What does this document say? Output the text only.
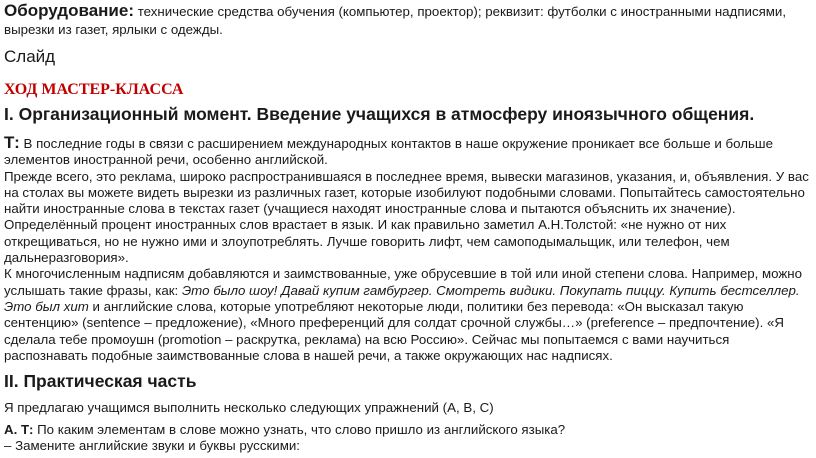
Оборудование: технические средства обучения (компьютер, проектор); реквизит: футболки с иностранными надписями, вырезки из газет, ярлыки с одежды.

Слайд

ХОД МАСТЕР-КЛАССА

I. Организационный момент. Введение учащихся в атмосферу иноязычного общения.

Т: В последние годы в связи с расширением международных контактов в наше окружение проникает все больше и больше элементов иностранной речи, особенно английской.

Прежде всего, это реклама, широко распространившаяся в последнее время, вывески магазинов, указания, и, объявления. У вас на столах вы можете видеть вырезки из различных газет, которые изобилуют подобными словами. Попытайтесь самостоятельно найти иностранные слова в текстах газет (учащиеся находят иностранные слова и пытаются объяснить их значение).

Определённый процент иностранных слов врастает в язык. И как правильно заметил А.Н.Толстой: «не нужно от них открещиваться, но не нужно ими и злоупотреблять. Лучше говорить лифт, чем самоподымальщик, или телефон, чем дальнеразговория».

К многочисленным надписям добавляются и заимствованные, уже обрусевшие в той или иной степени слова. Например, можно услышать такие фразы, как: Это было шоу! Давай купим гамбургер. Смотреть видики. Покупать пиццу. Купить бестселлер. Это был хит и английские слова, которые употребляют некоторые люди, политики без перевода: «Он высказал такую сентенцию» (sentence – предложение), «Много преференций для солдат срочной службы…» (preference – предпочтение). «Я сделала тебе промоушн (promotion – раскрутка, реклама) на всю Россию». Сейчас мы попытаемся с вами научиться распознавать подобные заимствованные слова в нашей речи, а также окружающих нас надписях.

II. Практическая часть

Я предлагаю учащимся выполнить несколько следующих упражнений (А, В, С)

А. Т: По каким элементам в слове можно узнать, что слово пришло из английского языка?

– Замените английские звуки и буквы русскими:
